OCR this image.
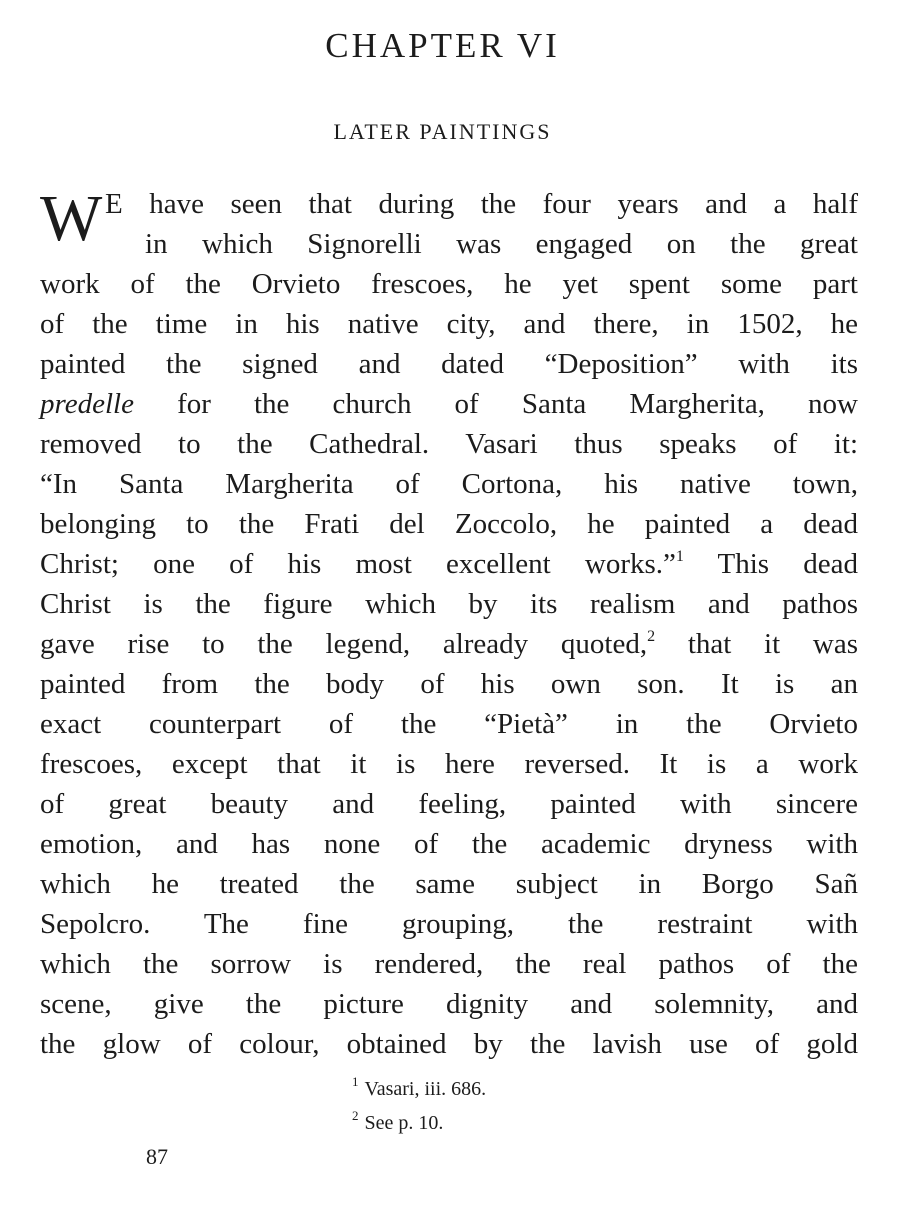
CHAPTER VI
LATER PAINTINGS
W E have seen that during the four years and a half
in which Signorelli was engaged on the great
work of the Orvieto frescoes, he yet spent some part
of the time in his native city, and there, in 1502, he
painted the signed and dated “Deposition” with its
predelle for the church of Santa Margherita, now
removed to the Cathedral. Vasari thus speaks of it:
“In Santa Margherita of Cortona, his native town,
belonging to the Frati del Zoccolo, he painted a dead
Christ; one of his most excellent works.”$^1$ This dead
Christ is the figure which by its realism and pathos
gave rise to the legend, already quoted,$^2$ that it was
painted from the body of his own son. It is an
exact counterpart of the “Pietà” in the Orvieto
frescoes, except that it is here reversed. It is a work
of great beauty and feeling, painted with sincere
emotion, and has none of the academic dryness with
which he treated the same subject in Borgo Sañ
Sepolcro. The fine grouping, the restraint with
which the sorrow is rendered, the real pathos of the
scene, give the picture dignity and solemnity, and
the glow of colour, obtained by the lavish use of gold
$^1$ Vasari, iii. 686.
$^2$ See p. 10.
87
